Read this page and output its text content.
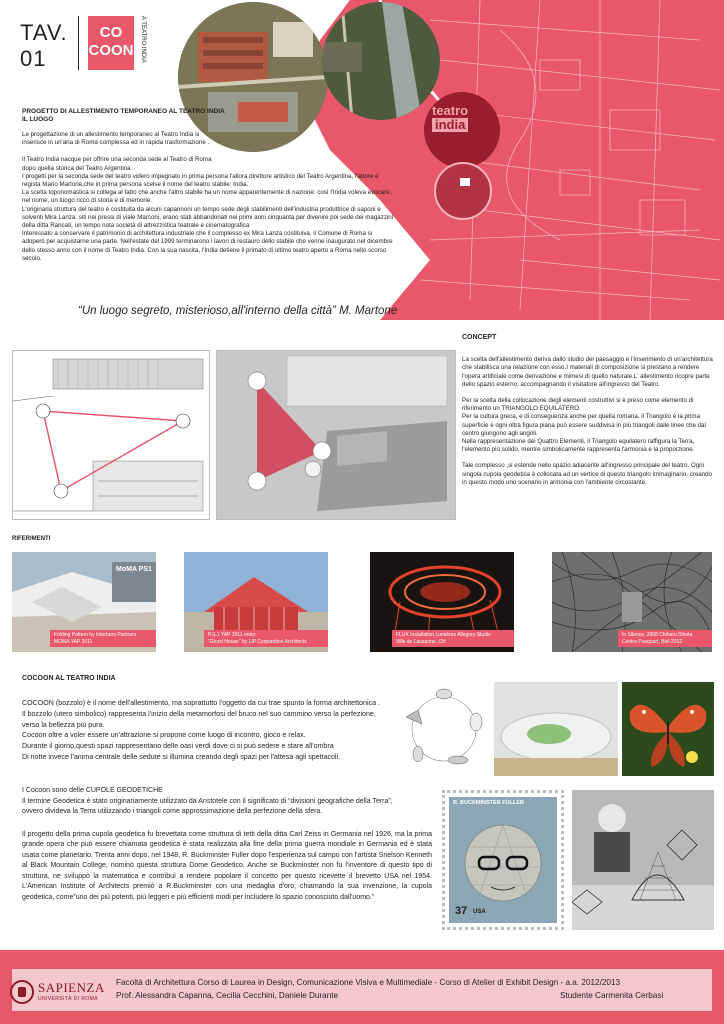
TAV.
01
CO
COON	A TEATRO INDIA
teatro
india

PROGETTO DI ALLESTIMENTO TEMPORANEO AL TEATRO INDIA

IL LUOGO

Le progettazione di un allestimento temporaneo al Teatro India si inserisce in un'aria di Roma complessa ed in rapida trasformazione .

Il Teatro India nacque per offrire una seconda sede al Teatro di Roma dopo quella storica del Teatro Argentina.

I progetti per la seconda sede del teatro videro impegnato in prima persona l'allora direttore artistico del Teatro Argentina, l'attore e regista Mario Martone,che in prima persona scelse il nome del teatro stabile: India.

La scelta toponomastica si collega al fatto che anche l'altro stabile ha un nome apparentemente di nazione: così l'India voleva evocare, nel nome, un luogo ricco di storia e di memorie.

L'originaria struttura del teatro è costituita da alcuni capannoni un tempo sede degli stabilimenti dell'industria produttrice di saponi e solventi Mira Lanza: siti nei pressi di viale Marconi, erano stati abbandonati nei primi anni cinquanta per divenire poi sede dei magazzini della ditta Rancati, un tempo nota società di attrezzistica teatrale e cinematografica

Interessato a conservare il patrimonio di architettura industriale che il complesso ex Mira Lanza costituiva, il Comune di Roma si adoperò per acquistarne una parte. Nell'estate del 1999 terminarono i lavori di restauro dello stabile che venne inaugurato nel dicembre dello stesso anno con il nome di Teatro India. Con la sua nascita, l'India detiene il primato di ultimo teatro aperto a Roma nello scorso secolo.

“Un luogo segreto, misterioso,all'interno della città” M. Martone

CONCEPT

La scelta dell'allestimento deriva dallo studio del paesaggio e l'inserimento di un'architettura che stabilisca una relazione con esso.I materiali di composizione si prestano a rendere l'opera artificiale come derivazione e mimesi di quello naturale.L' allestimento ricopre parte dello spazio esterno, accompagnando il visitatore all'ingresso del Teatro.

Per la scelta della collocazione degli elementi costruttivi si è preso come elemento di riferimento un TRIANGOLO EQUILATERO.

Per la cultura greca, e di conseguenza anche per quella romana, il Triangolo è la prima superficie e ogni oltra figura piana può essere suddivisa in più triangoli dalle linee che dal centro giungono agli angoli.

Nella rappresentazione dei Quattro Elementi, il Triangolo equilatero raffigura la Terra, l'elemento più solido, mentre simbolicamente rappresenta l'armonia e la proporzione.

Tale complesso ,si estende nello spazio adiacente all'ingresso principale del teatro. Ogni singola cupola geodetica è collocata ad un vertice di questo triangolo immaginario, creando in questo modo uno scenario in armonia con l'ambiente circostante.

RIFERIMENTI
MoMA PS1
Folding Pattern by Interboro Partners
MOMA YAP 2011
P.S.1 YAP 2011 entry:
“Ghost House” by LIP Corporation Architects
FLUX Installation Lumières Allegory Studio
Ville de Lausanne, CH
In Silence, 2008 Chiharu Shiota
Centro Pasquart, Biel 2012
COCOON AL TEATRO INDIA
COCOON (bozzolo) è il nome dell'allestimento, ma soprattutto l'oggetto da cui trae spunto la forma architettonica .
Il bozzolo (utero simbolico) rappresenta l'inizio della metamorfosi del bruco nel suo cammino verso la perfezione,
verso la bellezza più pura.
Cocoon oltre a voler essere un'attrazione si propone come luogo di incontro, gioco e relax.
Durante il giorno,questi spazi rappresentano delle oasi verdi dove ci si può sedere e stare all'ombra
Di notte invece l'anima centrale delle sedute si illumina creando degli spazi per l'attesa agli spettacoli.
I Cocoon sono delle CUPOLE GEODETICHE
Il termine Geodetica è stato originariamente utilizzato da Aristotele con il significato di “divisioni geografiche della Terra”,
ovvero divideva la Terra utilizzando i triangoli come approssimazione della perfezione della sfera.
Il progetto della prima cupola geodetica fu brevettata come struttura di tetti della ditta Carl Zeiss in Germania nel 1926, ma la prima grande opera che può essere chiamata geodetica è stata realizzata alla fine della prima guerra mondiale in Germania ed è stata usata come planetario. Trenta anni dopo, nel 1948, R. Buckminster Fuller dopo l'esperienza sul campo con l'artista Snelson Kenneth al Black Mountain College, nominò questa struttura Dome Geodetico. Anche se Buckminster non fu l'inventore di questo tipo di struttura, ne sviluppò la matematica e contribuì a rendere popolare il concetto per questo ricevette il brevetto USA nel 1954. L'American Institute of Architects premiò a R.Buckminster con una medaglia d'oro, chiamando la sua invenzione, la cupola geodetica, come”uno dei più potenti, più leggeri e più efficienti modi per includere lo spazio conosciuto dall'uomo.”
R. BUCKMINSTER FULLER
37 USA
SAPIENZA
UNIVERSITÀ DI ROMA
Facoltà di Architettura Corso di Laurea in Design, Comunicazione Visiva e Multimediale - Corso di Atelier di Exhibit Design - a.a. 2012/2013
Prof. Alessandra Capanna, Cecilia Cecchini, Daniele Durante	Studente Carmenita Cerbasi
